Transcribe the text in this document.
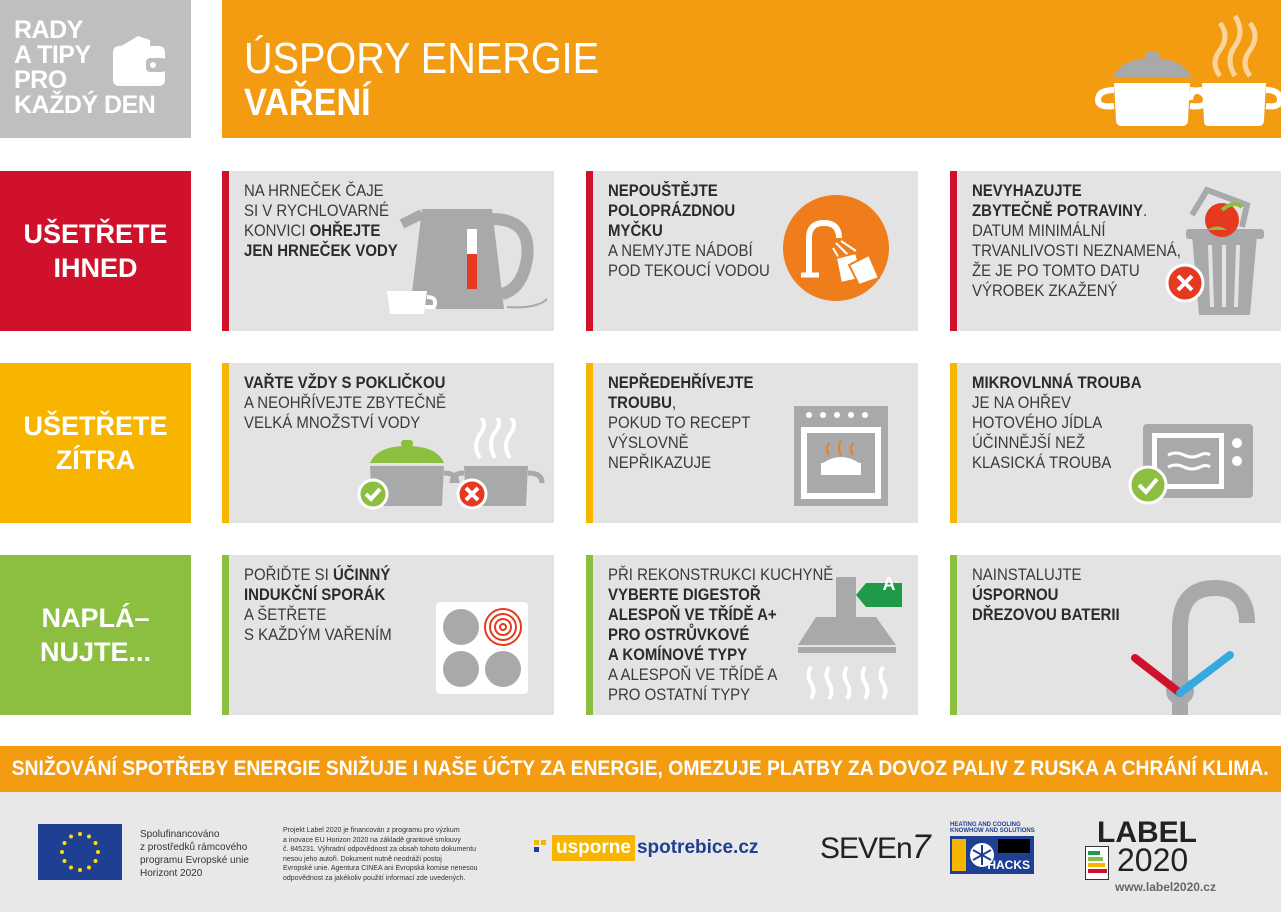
RADY
A TIPY
PRO
KAŽDÝ DEN
ÚSPORY ENERGIE
VAŘENÍ
UŠETŘETE
IHNED
UŠETŘETE
ZÍTRA
NAPLÁ–
NUJTE...
NA HRNEČEK ČAJE
SI V RYCHLOVARNÉ
KONVICI OHŘEJTE
JEN HRNEČEK VODY
NEPOUŠTĚJTE
POLOPRÁZDNOU
MYČKU
A NEMYJTE NÁDOBÍ
POD TEKOUCÍ VODOU
NEVYHAZUJTE
ZBYTEČNĚ POTRAVINY.
DATUM MINIMÁLNÍ
TRVANLIVOSTI NEZNAMENÁ,
ŽE JE PO TOMTO DATU
VÝROBEK ZKAŽENÝ
VAŘTE VŽDY S POKLIČKOU
A NEOHŘÍVEJTE ZBYTEČNĚ
VELKÁ MNOŽSTVÍ VODY
NEPŘEDEHŘÍVEJTE
TROUBU,
POKUD TO RECEPT
VÝSLOVNĚ
NEPŘIKAZUJE
MIKROVLNNÁ TROUBA
JE NA OHŘEV
HOTOVÉHO JÍDLA
ÚČINNĚJŠÍ NEŽ
KLASICKÁ TROUBA
POŘIĎTE SI ÚČINNÝ
INDUKČNÍ SPORÁK
A ŠETŘETE
S KAŽDÝM VAŘENÍM
PŘI REKONSTRUKCI KUCHYNĚ
VYBERTE DIGESTOŘ
ALESPOŇ VE TŘÍDĚ A+
PRO OSTRŮVKOVÉ
A KOMÍNOVÉ TYPY
A ALESPOŇ VE TŘÍDĚ A
PRO OSTATNÍ TYPY
A	NAINSTALUJTE
ÚSPORNOU
DŘEZOVOU BATERII
SNIŽOVÁNÍ SPOTŘEBY ENERGIE SNIŽUJE I NAŠE ÚČTY ZA ENERGIE, OMEZUJE PLATBY ZA DOVOZ PALIV Z RUSKA A CHRÁNÍ KLIMA.
Spolufinancováno
z prostředků rámcového
programu Evropské unie
Horizont 2020
Projekt Label 2020 je financován z programu pro výzkum
a inovace EU Horizon 2020 na základě grantové smlouvy
č. 845231. Výhradní odpovědnost za obsah tohoto dokumentu
nesou jeho autoři. Dokument nutně neodráží postoj
Evropské unie. Agentura CINEA ani Evropská komise nenesou
odpovědnost za jakékoliv použití informací zde uvedených.
usporne spotrebice.cz SEVEn7
HEATING AND COOLING
KNOWHOW AND SOLUTIONS
HACKS
LABEL
2020
www.label2020.cz
